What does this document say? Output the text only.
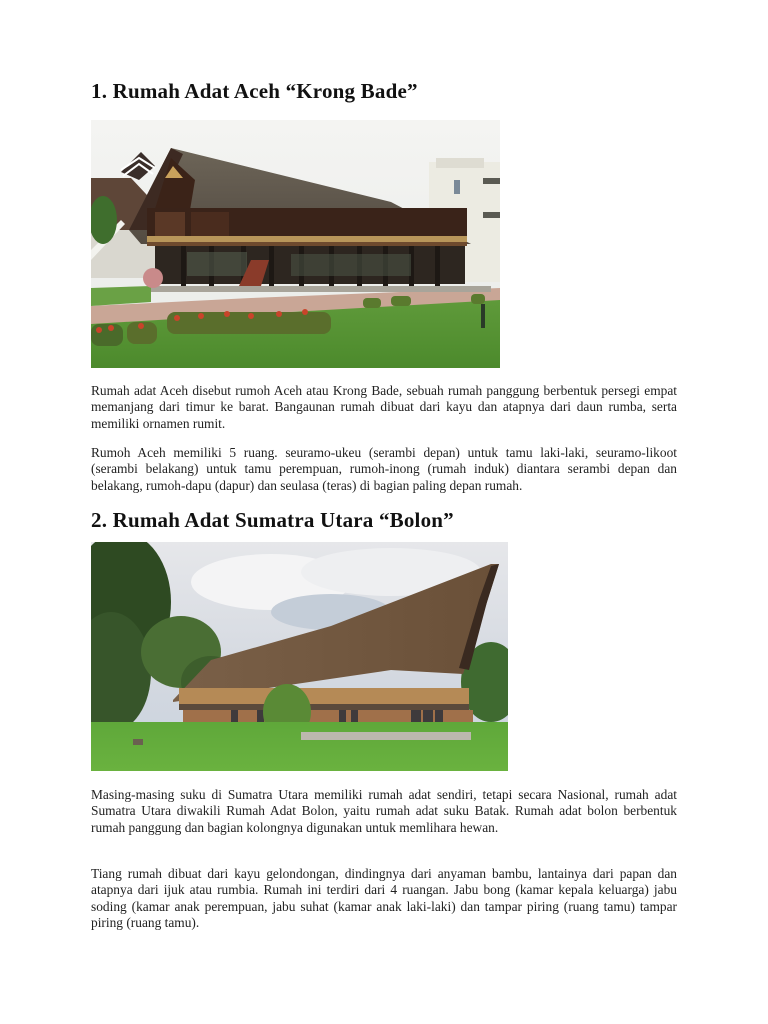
1. Rumah Adat Aceh “Krong Bade”

Rumah adat Aceh disebut rumoh Aceh atau Krong Bade, sebuah rumah panggung berbentuk persegi empat memanjang dari timur ke barat. Bangaunan rumah dibuat dari kayu dan atapnya dari daun rumba, serta memiliki ornamen rumit.

Rumoh Aceh memiliki 5 ruang. seuramo-ukeu (serambi depan) untuk tamu laki-laki, seuramo-likoot (serambi belakang) untuk tamu perempuan, rumoh-inong (rumah induk) diantara serambi depan dan belakang, rumoh-dapu (dapur) dan seulasa (teras) di bagian paling depan rumah.

2. Rumah Adat Sumatra Utara “Bolon”

Masing-masing suku di Sumatra Utara memiliki rumah adat sendiri, tetapi secara Nasional, rumah adat Sumatra Utara diwakili Rumah Adat Bolon, yaitu rumah adat suku Batak. Rumah adat bolon berbentuk rumah panggung dan bagian kolongnya digunakan untuk memlihara hewan.

Tiang rumah dibuat dari kayu gelondongan, dindingnya dari anyaman bambu, lantainya dari papan dan atapnya dari ijuk atau rumbia. Rumah ini terdiri dari 4 ruangan. Jabu bong (kamar kepala keluarga) jabu soding (kamar anak perempuan, jabu suhat (kamar anak laki-laki) dan tampar piring (ruang tamu) tampar piring (ruang tamu).
